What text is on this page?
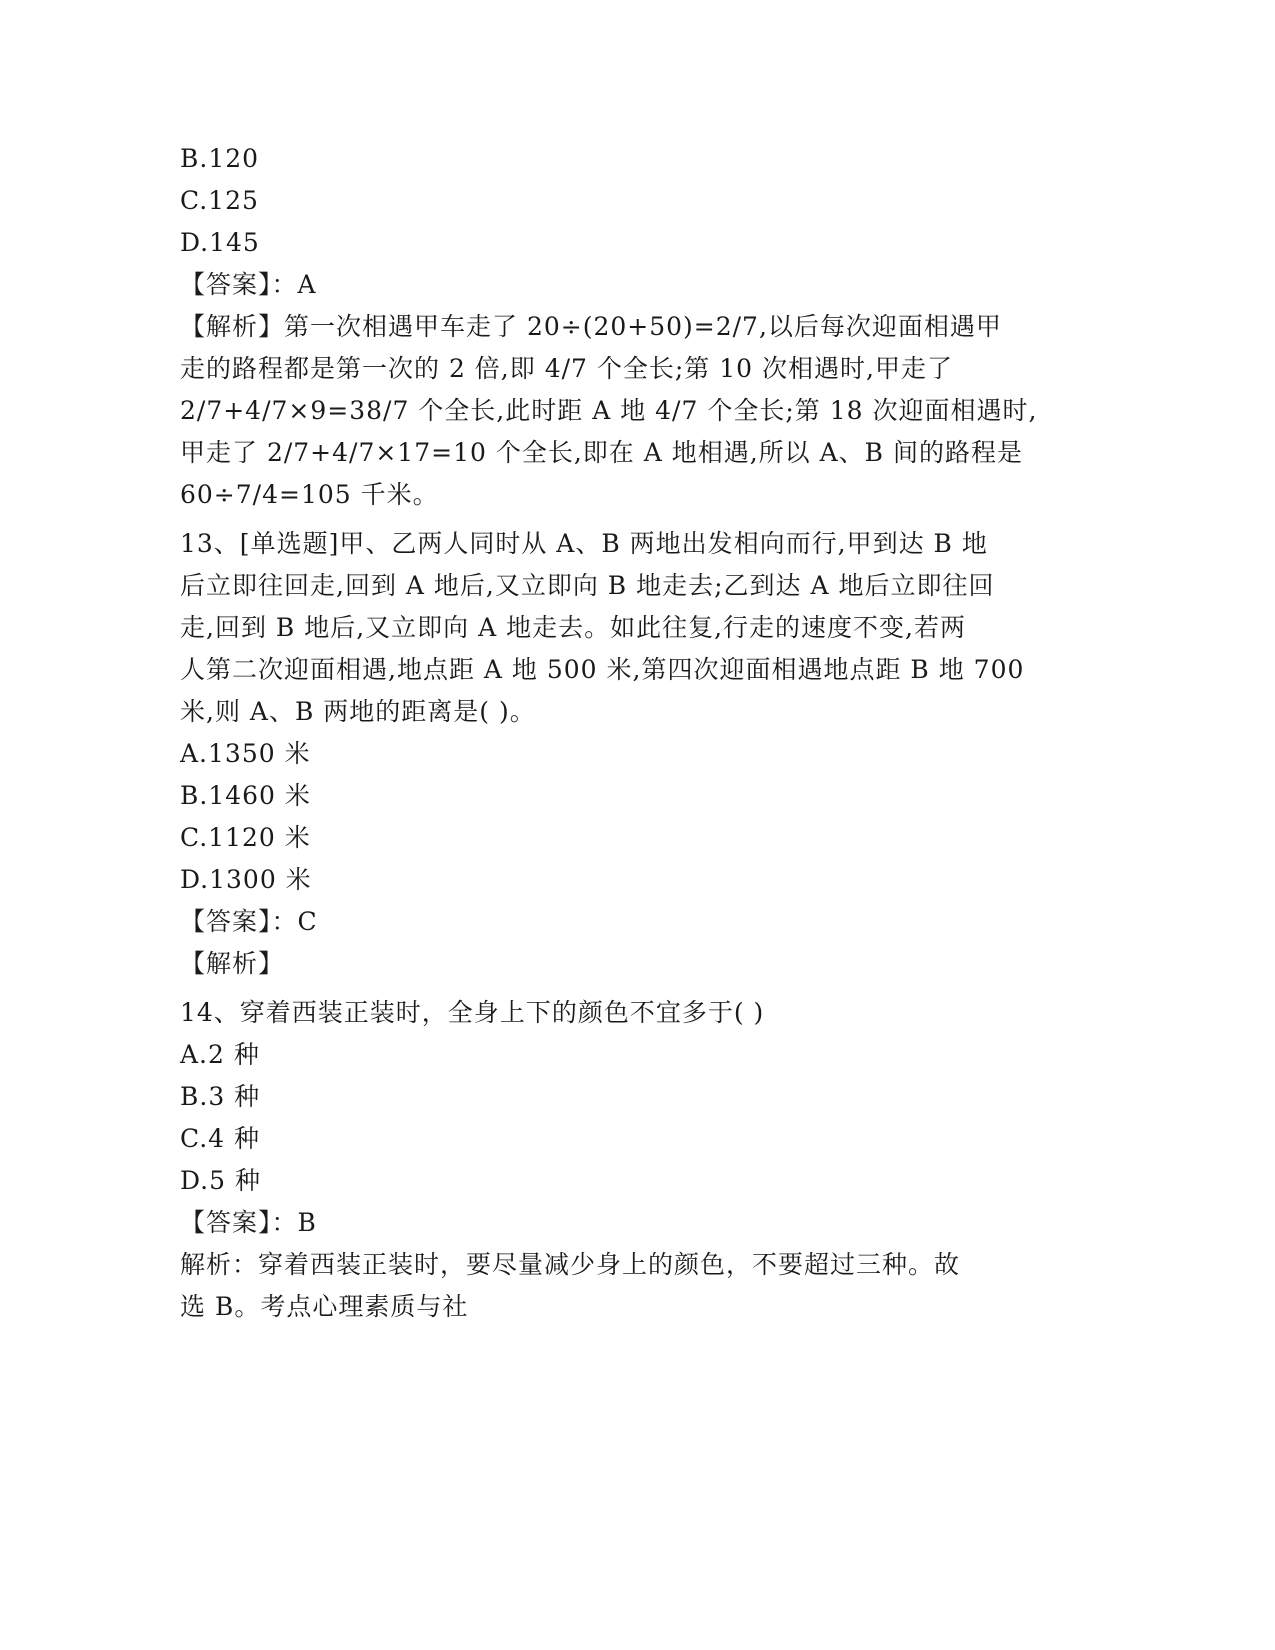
B.120
C.125
D.145
【答案】：A
【解析】第一次相遇甲车走了 20÷(20+50)=2/7,以后每次迎面相遇甲
走的路程都是第一次的 2 倍,即 4/7 个全长;第 10 次相遇时,甲走了
2/7+4/7×9=38/7 个全长,此时距 A 地 4/7 个全长;第 18 次迎面相遇时,
甲走了 2/7+4/7×17=10 个全长,即在 A 地相遇,所以 A、B 间的路程是
60÷7/4=105 千米。
13、[单选题]甲、乙两人同时从 A、B 两地出发相向而行,甲到达 B 地
后立即往回走,回到 A 地后,又立即向 B 地走去;乙到达 A 地后立即往回
走,回到 B 地后,又立即向 A 地走去。如此往复,行走的速度不变,若两
人第二次迎面相遇,地点距 A 地 500 米,第四次迎面相遇地点距 B 地 700
米,则 A、B 两地的距离是( )。
A.1350 米
B.1460 米
C.1120 米
D.1300 米
【答案】：C
【解析】
14、穿着西装正装时，全身上下的颜色不宜多于( )
A.2 种
B.3 种
C.4 种
D.5 种
【答案】：B
解析：穿着西装正装时，要尽量减少身上的颜色，不要超过三种。故
选 B。考点心理素质与社
